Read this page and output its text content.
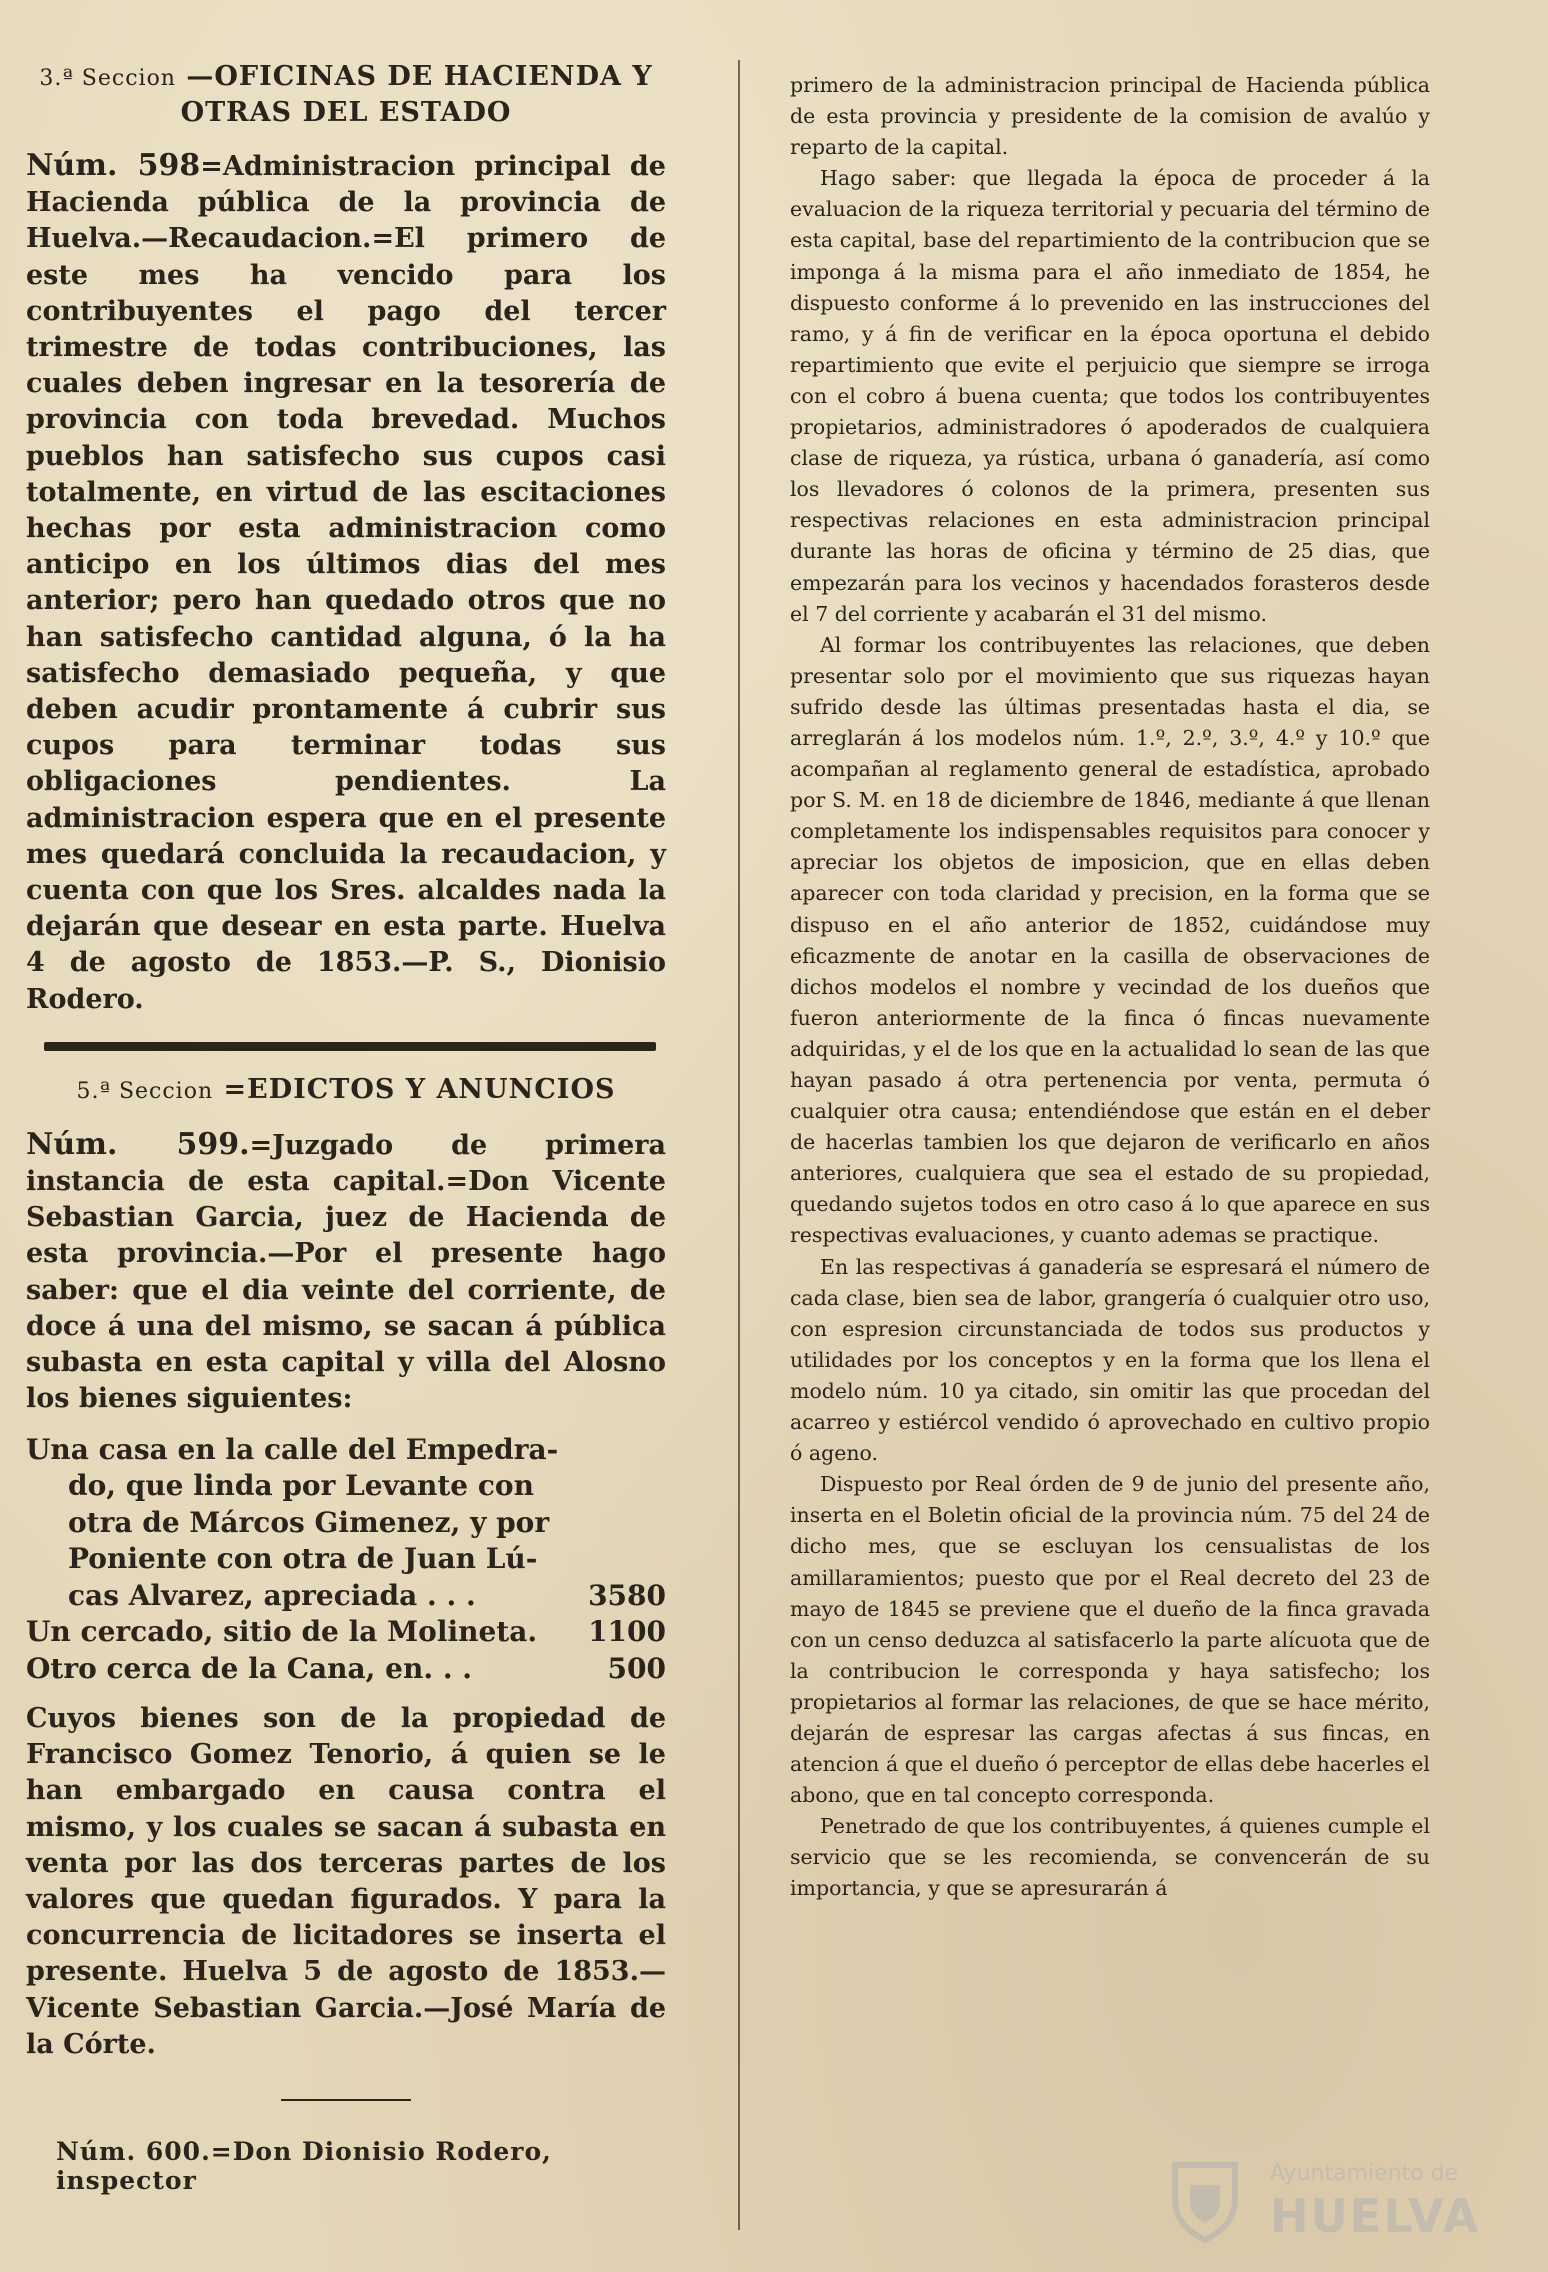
3.ª Seccion —OFICINAS DE HACIENDA Y OTRAS DEL ESTADO

Núm. 598=Administracion principal de Hacienda pública de la provincia de Huelva.—Recaudacion.=El primero de este mes ha vencido para los contribuyentes el pago del tercer trimestre de todas contribuciones, las cuales deben ingresar en la tesorería de provincia con toda brevedad. Muchos pueblos han satisfecho sus cupos casi totalmente, en virtud de las escitaciones hechas por esta administracion como anticipo en los últimos dias del mes anterior; pero han quedado otros que no han satisfecho cantidad alguna, ó la ha satisfecho demasiado pequeña, y que deben acudir prontamente á cubrir sus cupos para terminar todas sus obligaciones pendientes. La administracion espera que en el presente mes quedará concluida la recaudacion, y cuenta con que los Sres. alcaldes nada la dejarán que desear en esta parte. Huelva 4 de agosto de 1853.—P. S., Dionisio Rodero.

5.ª Seccion =EDICTOS Y ANUNCIOS

Núm. 599.=Juzgado de primera instancia de esta capital.=Don Vicente Sebastian Garcia, juez de Hacienda de esta provincia.—Por el presente hago saber: que el dia veinte del corriente, de doce á una del mismo, se sacan á pública subasta en esta capital y villa del Alosno los bienes siguientes:

Una casa en la calle del Empedra-
do, que linda por Levante con
otra de Márcos Gimenez, y por
Poniente con otra de Juan Lú-
cas Alvarez, apreciada . . .	3580
Un cercado, sitio de la Molineta.	1100
Otro cerca de la Cana, en. . .	500

Cuyos bienes son de la propiedad de Francisco Gomez Tenorio, á quien se le han embargado en causa contra el mismo, y los cuales se sacan á subasta en venta por las dos terceras partes de los valores que quedan figurados. Y para la concurrencia de licitadores se inserta el presente. Huelva 5 de agosto de 1853.—Vicente Sebastian Garcia.—José María de la Córte.

Núm. 600.=Don Dionisio Rodero, inspector

primero de la administracion principal de Hacienda pública de esta provincia y presidente de la comision de avalúo y reparto de la capital.

Hago saber: que llegada la época de proceder á la evaluacion de la riqueza territorial y pecuaria del término de esta capital, base del repartimiento de la contribucion que se imponga á la misma para el año inmediato de 1854, he dispuesto conforme á lo prevenido en las instrucciones del ramo, y á fin de verificar en la época oportuna el debido repartimiento que evite el perjuicio que siempre se irroga con el cobro á buena cuenta; que todos los contribuyentes propietarios, administradores ó apoderados de cualquiera clase de riqueza, ya rústica, urbana ó ganadería, así como los llevadores ó colonos de la primera, presenten sus respectivas relaciones en esta administracion principal durante las horas de oficina y término de 25 dias, que empezarán para los vecinos y hacendados forasteros desde el 7 del corriente y acabarán el 31 del mismo.

Al formar los contribuyentes las relaciones, que deben presentar solo por el movimiento que sus riquezas hayan sufrido desde las últimas presentadas hasta el dia, se arreglarán á los modelos núm. 1.º, 2.º, 3.º, 4.º y 10.º que acompañan al reglamento general de estadística, aprobado por S. M. en 18 de diciembre de 1846, mediante á que llenan completamente los indispensables requisitos para conocer y apreciar los objetos de imposicion, que en ellas deben aparecer con toda claridad y precision, en la forma que se dispuso en el año anterior de 1852, cuidándose muy eficazmente de anotar en la casilla de observaciones de dichos modelos el nombre y vecindad de los dueños que fueron anteriormente de la finca ó fincas nuevamente adquiridas, y el de los que en la actualidad lo sean de las que hayan pasado á otra pertenencia por venta, permuta ó cualquier otra causa; entendiéndose que están en el deber de hacerlas tambien los que dejaron de verificarlo en años anteriores, cualquiera que sea el estado de su propiedad, quedando sujetos todos en otro caso á lo que aparece en sus respectivas evaluaciones, y cuanto ademas se practique.

En las respectivas á ganadería se espresará el número de cada clase, bien sea de labor, grangería ó cualquier otro uso, con espresion circunstanciada de todos sus productos y utilidades por los conceptos y en la forma que los llena el modelo núm. 10 ya citado, sin omitir las que procedan del acarreo y estiércol vendido ó aprovechado en cultivo propio ó ageno.

Dispuesto por Real órden de 9 de junio del presente año, inserta en el Boletin oficial de la provincia núm. 75 del 24 de dicho mes, que se escluyan los censualistas de los amillaramientos; puesto que por el Real decreto del 23 de mayo de 1845 se previene que el dueño de la finca gravada con un censo deduzca al satisfacerlo la parte alícuota que de la contribucion le corresponda y haya satisfecho; los propietarios al formar las relaciones, de que se hace mérito, dejarán de espresar las cargas afectas á sus fincas, en atencion á que el dueño ó perceptor de ellas debe hacerles el abono, que en tal concepto corresponda.

Penetrado de que los contribuyentes, á quienes cumple el servicio que se les recomienda, se convencerán de su importancia, y que se apresurarán á

Ayuntamiento de
HUELVA
